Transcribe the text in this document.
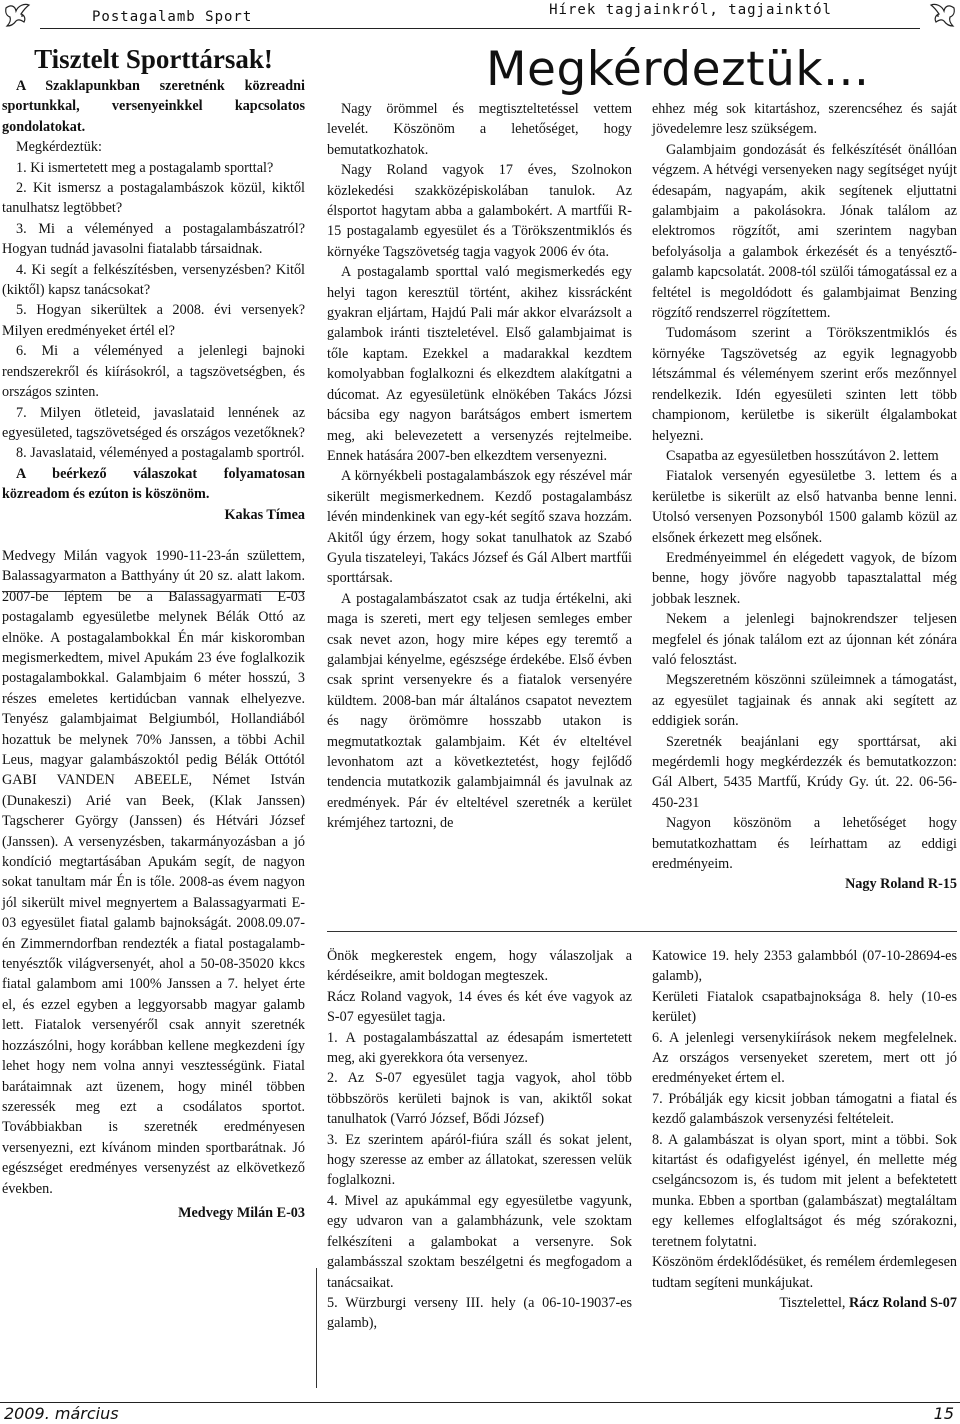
Postagalamb Sport	Hírek tagjainkról, tagjainktól

Tisztelt Sporttársak!

A Szaklapunkban szeretnénk közreadni sportunkkal, versenyeinkkel kapcsolatos gondolatokat.

Megkérdeztük:

1. Ki ismertetett meg a postagalamb sporttal?

2. Kit ismersz a postagalambászok közül, kiktől tanulhatsz legtöbbet?

3. Mi a véleményed a postagalambászatról? Hogyan tudnád javasolni fiatalabb társaidnak.

4. Ki segít a felkészítésben, versenyzésben? Kitől (kiktől) kapsz tanácsokat?

5. Hogyan sikerültek a 2008. évi versenyek? Milyen eredményeket értél el?

6. Mi a véleményed a jelenlegi bajnoki rendszerekről és kiírásokról, a tagszövetségben, és országos szinten.

7. Milyen ötleteid, javaslataid lennének az egyesületed, tagszövetséged és országos vezetőknek?

8. Javaslataid, véleményed a postagalamb sportról.

A beérkező válaszokat folyamatosan közreadom és ezúton is köszönöm.

Kakas Tímea

Medvegy Milán vagyok 1990-11-23-án születtem, Balassagyarmaton a Batthyány út 20 sz. alatt lakom. 2007-be léptem be a Balassagyarmati E-03 postagalamb egyesületbe melynek Bélák Ottó az elnöke. A postagalambokkal Én már kiskoromban megismerkedtem, mivel Apukám 23 éve foglalkozik postagalambokkal. Galambjaim 6 méter hosszú, 3 részes emeletes kertidúcban vannak elhelyezve. Tenyész galambjaimat Belgiumból, Hollandiából hozattuk be melynek 70% Janssen, a többi Achil Leus, magyar galambászoktól pedig Bélák Ottótól GABI VANDEN ABEELE, Német István (Dunakeszi) Arié van Beek, (Klak Janssen) Tagscherer György (Janssen) és Hétvári József (Janssen). A versenyzésben, takarmányozásban a jó kondíció megtartásában Apukám segít, de nagyon sokat tanultam már Én is tőle. 2008-as évem nagyon jól sikerült mivel megnyertem a Balassagyarmati E-03 egyesület fiatal galamb bajnokságát. 2008.09.07-én Zimmerndorfban rendezték a fiatal postagalamb-tenyésztők világversenyét, ahol a 50-08-35020 kkcs fiatal galambom ami 100% Janssen a 7. helyet érte el, és ezzel egyben a leggyorsabb magyar galamb lett. Fiatalok versenyéről csak annyit szeretnék hozzászólni, hogy korábban kellene megkezdeni így lehet hogy nem volna annyi vesztességünk. Fiatal barátaimnak azt üzenem, hogy minél többen szeressék meg ezt a csodálatos sportot. Továbbiakban is szeretnék eredményesen versenyezni, ezt kívánom minden sportbarátnak. Jó egészséget eredményes versenyzést az elkövetkező években.

Medvegy Milán E-03

Megkérdeztük...

Nagy örömmel és megtiszteltetéssel vettem levelét. Köszönöm a lehetőséget, hogy bemutatkozhatok.

Nagy Roland vagyok 17 éves, Szolnokon közlekedési szakközépiskolában tanulok. Az élsportot hagytam abba a galambokért. A martfűi R-15 postagalamb egyesület és a Törökszentmiklós és környéke Tagszövetség tagja vagyok 2006 év óta.

A postagalamb sporttal való megismerkedés egy helyi tagon keresztül történt, akihez kissrácként gyakran eljártam, Hajdú Pali már akkor elvarázsolt a galambok iránti tiszteletével. Első galambjaimat is tőle kaptam. Ezekkel a madarakkal kezdtem komolyabban foglalkozni és elkezdtem alakítgatni a dúcomat. Az egyesületünk elnökében Takács Józsi bácsiba egy nagyon barátságos embert ismertem meg, aki belevezetett a versenyzés rejtelmeibe. Ennek hatására 2007-ben elkezdtem versenyezni.

A környékbeli postagalambászok egy részével már sikerült megismerkednem. Kezdő postagalambász lévén mindenkinek van egy-két segítő szava hozzám. Akitől úgy érzem, hogy sokat tanulhatok az Szabó Gyula tiszateleyi, Takács József és Gál Albert martfűi sporttársak.

A postagalambászatot csak az tudja értékelni, aki maga is szereti, mert egy teljesen semleges ember csak nevet azon, hogy mire képes egy teremtő a galambjai kényelme, egészsége érdekébe. Első évben csak sprint versenyekre és a fiatalok versenyére küldtem. 2008-ban már általános csapatot neveztem és nagy örömömre hosszabb utakon is megmutatkoztak galambjaim. Két év elteltével levonhatom azt a következtetést, hogy fejlődő tendencia mutatkozik galambjaimnál és javulnak az eredmények. Pár év elteltével szeretnék a kerület krémjéhez tartozni, de

ehhez még sok kitartáshoz, szerencséhez és saját jövedelemre lesz szükségem.

Galambjaim gondozását és felkészítését önállóan végzem. A hétvégi versenyeken nagy segítséget nyújt édesapám, nagyapám, akik segítenek eljuttatni galambjaim a pakolásokra. Jónak találom az elektromos rögzítőt, ami szerintem nagyban befolyásolja a galambok érkezését és a tenyésztő-galamb kapcsolatát. 2008-tól szülői támogatással ez a feltétel is megoldódott és galambjaimat Benzing rögzítő rendszerrel rögzítettem.

Tudomásom szerint a Törökszentmiklós és környéke Tagszövetség az egyik legnagyobb létszámmal és véleményem szerint erős mezőnnyel rendelkezik. Idén egyesületi szinten lett több championom, kerületbe is sikerült élgalambokat helyezni.

Csapatba az egyesületben hosszútávon 2. lettem

Fiatalok versenyén egyesületbe 3. lettem és a kerületbe is sikerült az első hatvanba benne lenni. Utolsó versenyen Pozsonyból 1500 galamb közül az elsőnek érkezett meg elsőnek.

Eredményeimmel én elégedett vagyok, de bízom benne, hogy jövőre nagyobb tapasztalattal még jobbak lesznek.

Nekem a jelenlegi bajnokrendszer teljesen megfelel és jónak találom ezt az újonnan két zónára való felosztást.

Megszeretném köszönni szüleimnek a támogatást, az egyesület tagjainak és annak aki segített az eddigiek során.

Szeretnék beajánlani egy sporttársat, aki megérdemli hogy megkérdezzék és bemutatkozzon: Gál Albert, 5435 Martfű, Krúdy Gy. út. 22. 06-56-450-231

Nagyon köszönöm a lehetőséget hogy bemutatkozhattam és leírhattam az eddigi eredményeim.

Nagy Roland R-15

Önök megkerestek engem, hogy válaszoljak a kérdéseikre, amit boldogan megteszek.

Rácz Roland vagyok, 14 éves és két éve vagyok az S-07 egyesület tagja.

1. A postagalambászattal az édesapám ismertetett meg, aki gyerekkora óta versenyez.

2. Az S-07 egyesület tagja vagyok, ahol több többszörös kerületi bajnok is van, akiktől sokat tanulhatok (Varró József, Bődi József)

3. Ez szerintem apáról-fiúra száll és sokat jelent, hogy szeresse az ember az állatokat, szeressen velük foglalkozni.

4. Mivel az apukámmal egy egyesületbe vagyunk, egy udvaron van a galambházunk, vele szoktam felkészíteni a galambokat a versenyre. Sok galambásszal szoktam beszélgetni és megfogadom a tanácsaikat.

5. Würzburgi verseny III. hely (a 06-10-19037-es galamb),

Katowice 19. hely 2353 galambból (07-10-28694-es galamb),

Kerületi Fiatalok csapatbajnoksága 8. hely (10-es kerület)

6. A jelenlegi versenykiírások nekem megfelelnek. Az országos versenyeket szeretem, mert ott jó eredményeket értem el.

7. Próbálják egy kicsit jobban támogatni a fiatal és kezdő galambászok versenyzési feltételeit.

8. A galambászat is olyan sport, mint a többi. Sok kitartást és odafigyelést igényel, én mellette még cselgáncsozom is, és tudom mit jelent a befektetett munka. Ebben a sportban (galambászat) megtaláltam egy kellemes elfoglaltságot és még szórakozni, teretnem folytatni.

Köszönöm érdeklődésüket, és remélem érdemlegesen tudtam segíteni munkájukat.

Tisztelettel, Rácz Roland S-07

2009. március	15
